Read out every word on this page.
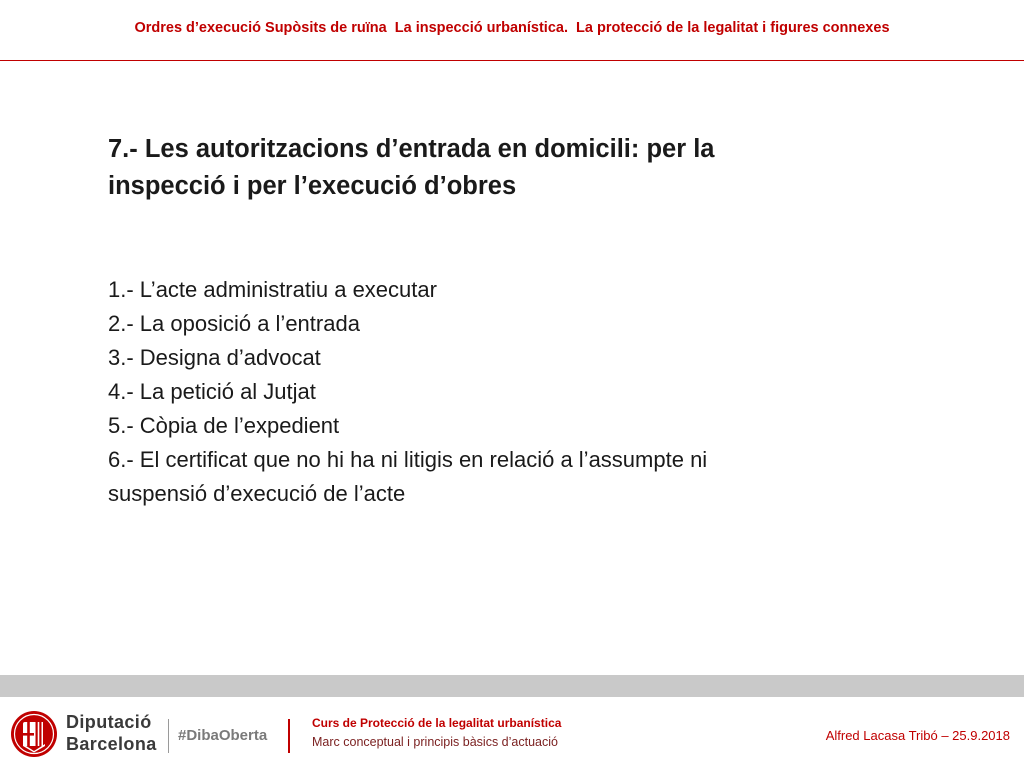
Ordres d’execució Supòsits de ruïna  La inspecció urbanística.  La protecció de la legalitat i figures connexes
7.- Les autoritzacions d’entrada en domicili: per la
inspecció i per l’execució d’obres
1.- L’acte administratiu a executar
2.- La oposició a l’entrada
3.- Designa d’advocat
4.- La petició al Jutjat
5.- Còpia de l’expedient
6.- El certificat que no hi ha ni litigis en relació a l’assumpte ni
suspensió d’execució de l’acte
Diputació
Barcelona #DibaOberta
Curs de Protecció de la legalitat urbanística
Marc conceptual i principis bàsics d’actuació	Alfred Lacasa Tribó – 25.9.2018
